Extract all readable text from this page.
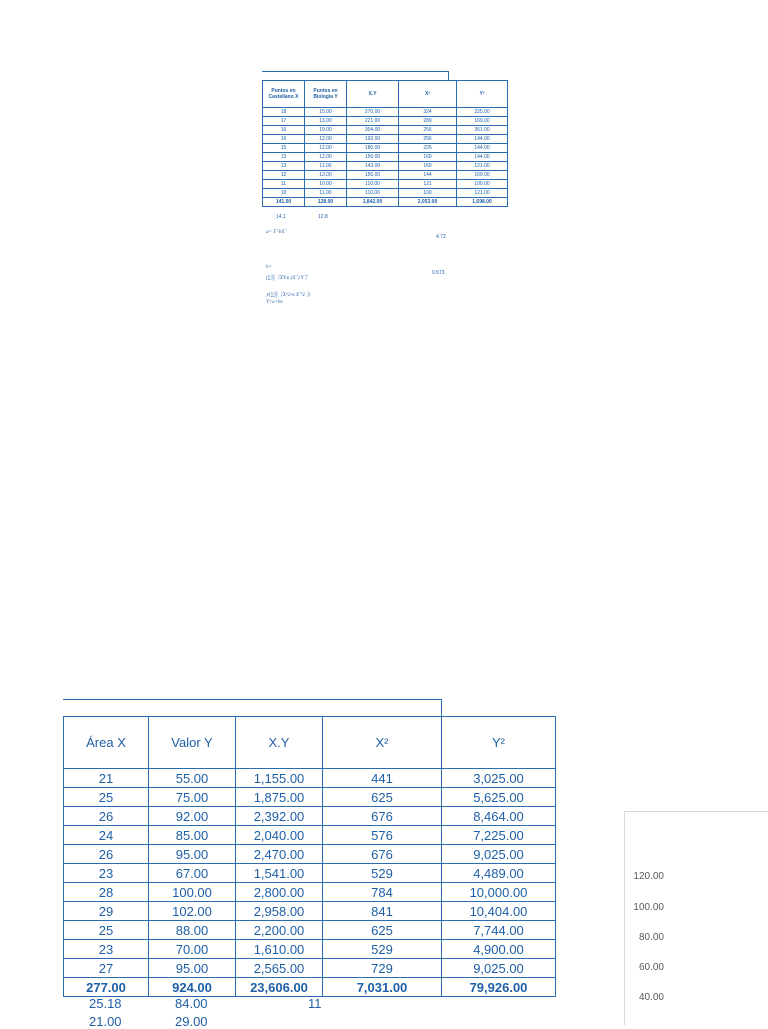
Puntos en Castellano X	Puntos en Biologia Y	X.Y	X²	Y²
18	15.00	270.00	324	225.00
17	13.00	221.00	289	169.00
16	19.00	304.00	256	361.00
16	12.00	192.00	256	144.00
15	12.00	180.00	225	144.00
13	12.00	156.00	169	144.00
13	11.00	143.00	169	121.00
12	13.00	156.00	144	169.00
11	10.00	110.00	121	100.00
10	11.00	110.00	100	121.00
141.00	128.00	1,842.00	2,053.00	1,698.00
14.1	12.8
a= Y ̅-bX ̅
4.72
b=
(∑▒〖XY-n (X ̅ ) Y ̅〗
0.573
)/(∑▒〖X^2-n X ̅^2 〗)
Y=a+bx
Área X	Valor Y	X.Y	X²	Y²
21	55.00	1,155.00	441	3,025.00
25	75.00	1,875.00	625	5,625.00
26	92.00	2,392.00	676	8,464.00
24	85.00	2,040.00	576	7,225.00
26	95.00	2,470.00	676	9,025.00
23	67.00	1,541.00	529	4,489.00
28	100.00	2,800.00	784	10,000.00
29	102.00	2,958.00	841	10,404.00
25	88.00	2,200.00	625	7,744.00
23	70.00	1,610.00	529	4,900.00
27	95.00	2,565.00	729	9,025.00
277.00	924.00	23,606.00	7,031.00	79,926.00
25.18	84.00	11
21.00	29.00
120.00
100.00
80.00
60.00
40.00
